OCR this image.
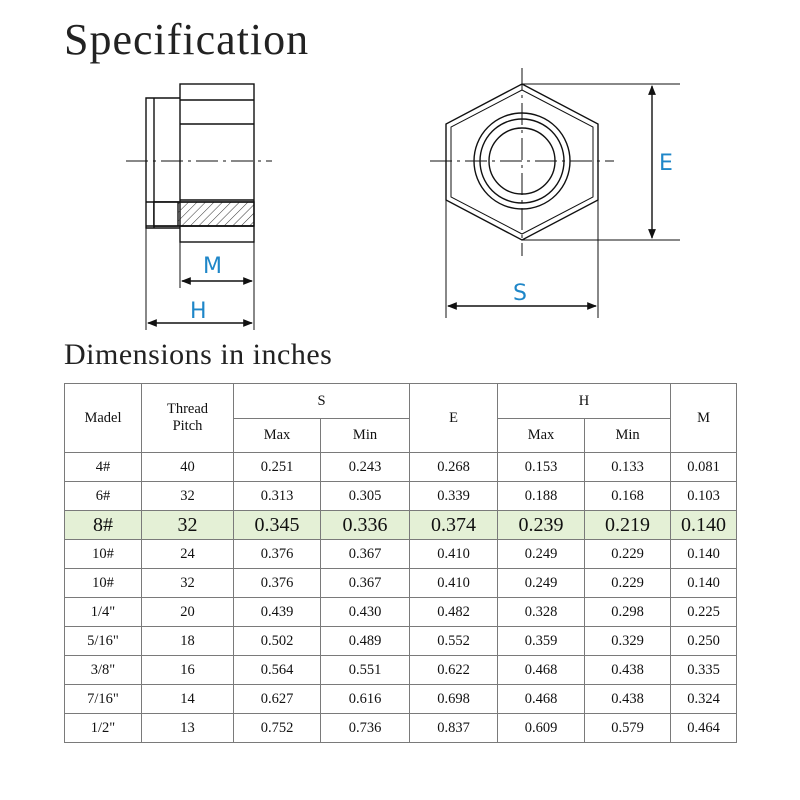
Specification
M
H
E
S
Dimensions in inches
Madel	Thread
Pitch	S		E	H		M
		Max	Min		Max	Min	
4#	40	0.251	0.243	0.268	0.153	0.133	0.081
6#	32	0.313	0.305	0.339	0.188	0.168	0.103
8#	32	0.345	0.336	0.374	0.239	0.219	0.140
10#	24	0.376	0.367	0.410	0.249	0.229	0.140
10#	32	0.376	0.367	0.410	0.249	0.229	0.140
1/4"	20	0.439	0.430	0.482	0.328	0.298	0.225
5/16"	18	0.502	0.489	0.552	0.359	0.329	0.250
3/8"	16	0.564	0.551	0.622	0.468	0.438	0.335
7/16"	14	0.627	0.616	0.698	0.468	0.438	0.324
1/2"	13	0.752	0.736	0.837	0.609	0.579	0.464
